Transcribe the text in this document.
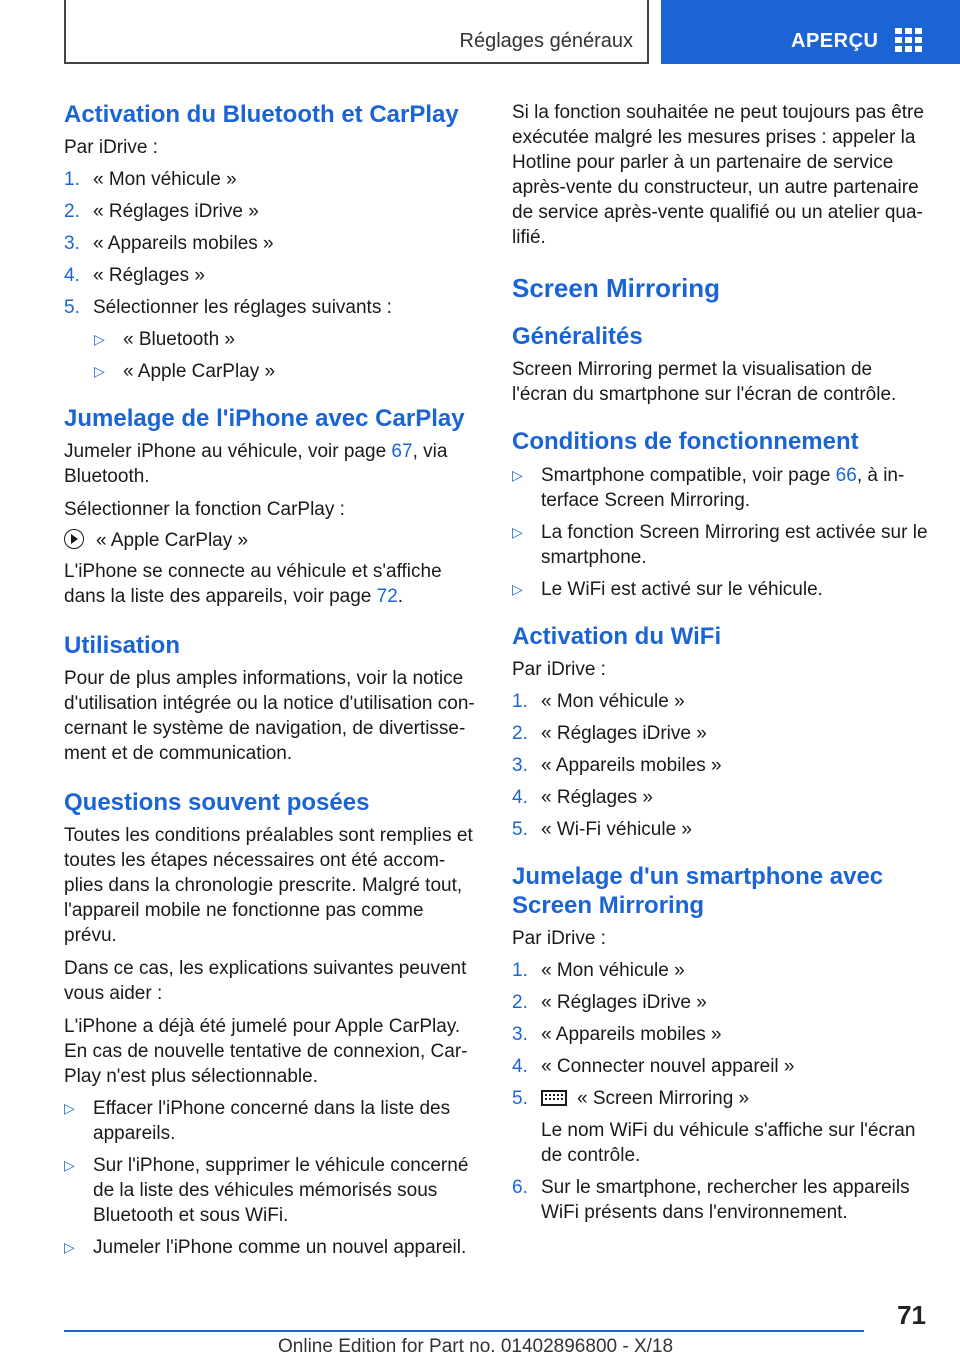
Réglages généraux	APERÇU
Activation du Bluetooth et CarPlay

Par iDrive :

1. « Mon véhicule »
2. « Réglages iDrive »
3. « Appareils mobiles »
4. « Réglages »
5. Sélectionner les réglages suivants :
▷ « Bluetooth »
▷ « Apple CarPlay »
Jumelage de l'iPhone avec CarPlay

Jumeler iPhone au véhicule, voir page 67, via Bluetooth.

Sélectionner la fonction CarPlay :

« Apple CarPlay »

L'iPhone se connecte au véhicule et s'affiche dans la liste des appareils, voir page 72.

Utilisation

Pour de plus amples informations, voir la notice d'utilisation intégrée ou la notice d'utilisation con-cernant le système de navigation, de divertisse-ment et de communication.

Questions souvent posées

Toutes les conditions préalables sont remplies et toutes les étapes nécessaires ont été accom-plies dans la chronologie prescrite. Malgré tout, l'appareil mobile ne fonctionne pas comme prévu.

Dans ce cas, les explications suivantes peuvent vous aider :

L'iPhone a déjà été jumelé pour Apple CarPlay. En cas de nouvelle tentative de connexion, Car-Play n'est plus sélectionnable.

▷ Effacer l'iPhone concerné dans la liste des appareils.
▷ Sur l'iPhone, supprimer le véhicule concerné de la liste des véhicules mémorisés sous Bluetooth et sous WiFi.
▷ Jumeler l'iPhone comme un nouvel appareil.

Si la fonction souhaitée ne peut toujours pas être exécutée malgré les mesures prises : appeler la Hotline pour parler à un partenaire de service après-vente du constructeur, un autre partenaire de service après-vente qualifié ou un atelier qua-lifié.

Screen Mirroring
Généralités

Screen Mirroring permet la visualisation de l'écran du smartphone sur l'écran de contrôle.

Conditions de fonctionnement
▷ Smartphone compatible, voir page 66, à in-terface Screen Mirroring.
▷ La fonction Screen Mirroring est activée sur le smartphone.
▷ Le WiFi est activé sur le véhicule.
Activation du WiFi

Par iDrive :

1. « Mon véhicule »
2. « Réglages iDrive »
3. « Appareils mobiles »
4. « Réglages »
5. « Wi-Fi véhicule »
Jumelage d'un smartphone avec Screen Mirroring

Par iDrive :

1. « Mon véhicule »
2. « Réglages iDrive »
3. « Appareils mobiles »
4. « Connecter nouvel appareil »
5.	« Screen Mirroring »
Le nom WiFi du véhicule s'affiche sur l'écran de contrôle.
6. Sur le smartphone, rechercher les appareils WiFi présents dans l'environnement.
71
Online Edition for Part no. 01402896800 - X/18
